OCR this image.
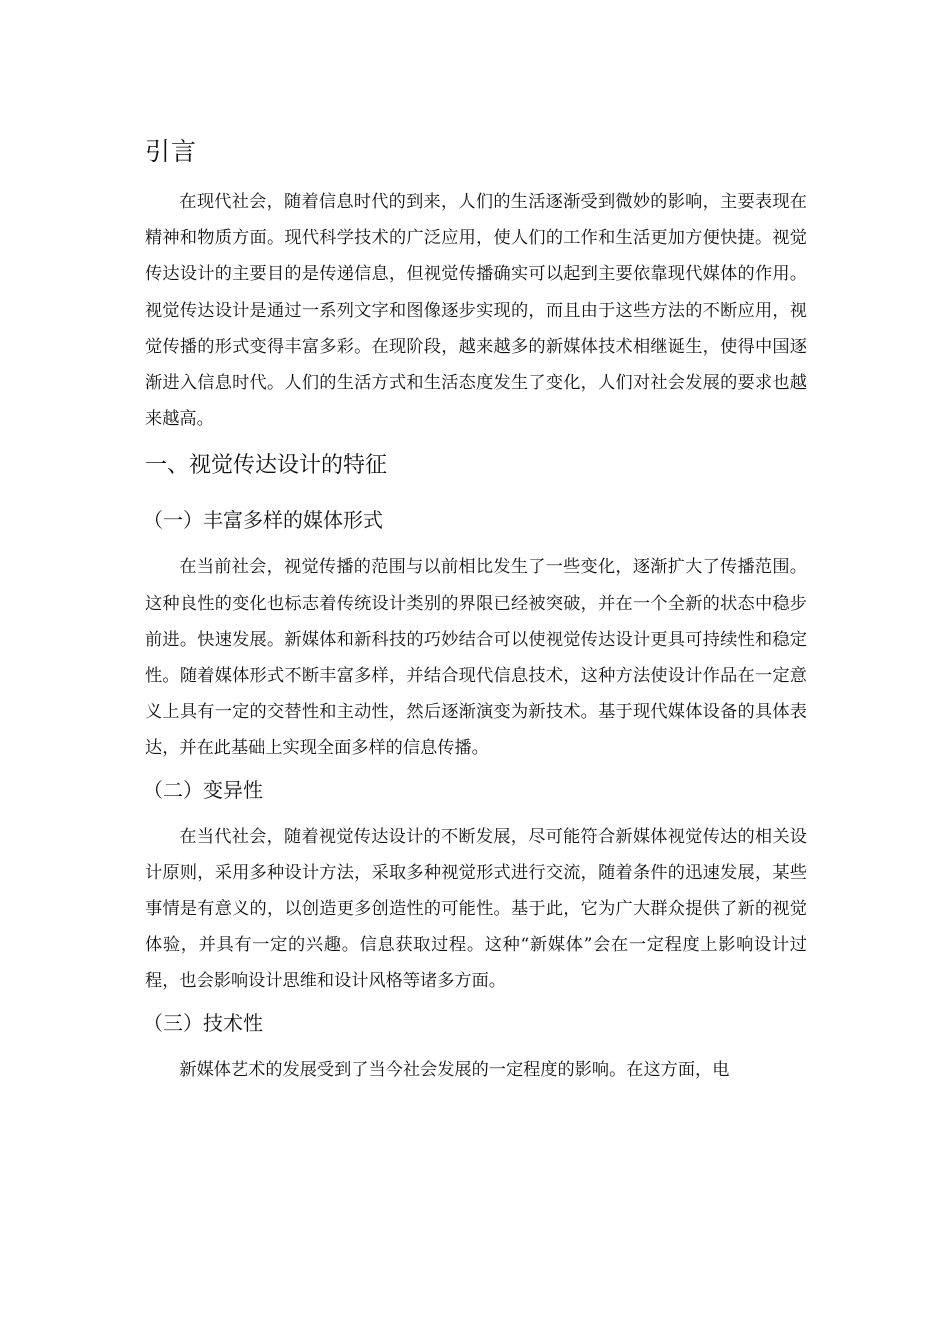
引言

在现代社会，随着信息时代的到来，人们的生活逐渐受到微妙的影响，主要表现在精神和物质方面。现代科学技术的广泛应用，使人们的工作和生活更加方便快捷。视觉传达设计的主要目的是传递信息，但视觉传播确实可以起到主要依靠现代媒体的作用。视觉传达设计是通过一系列文字和图像逐步实现的，而且由于这些方法的不断应用，视觉传播的形式变得丰富多彩。在现阶段，越来越多的新媒体技术相继诞生，使得中国逐渐进入信息时代。人们的生活方式和生活态度发生了变化，人们对社会发展的要求也越来越高。

一、视觉传达设计的特征
（一）丰富多样的媒体形式

在当前社会，视觉传播的范围与以前相比发生了一些变化，逐渐扩大了传播范围。这种良性的变化也标志着传统设计类别的界限已经被突破，并在一个全新的状态中稳步前进。快速发展。新媒体和新科技的巧妙结合可以使视觉传达设计更具可持续性和稳定性。随着媒体形式不断丰富多样，并结合现代信息技术，这种方法使设计作品在一定意义上具有一定的交替性和主动性，然后逐渐演变为新技术。基于现代媒体设备的具体表达，并在此基础上实现全面多样的信息传播。

（二）变异性

在当代社会，随着视觉传达设计的不断发展，尽可能符合新媒体视觉传达的相关设计原则，采用多种设计方法，采取多种视觉形式进行交流，随着条件的迅速发展，某些事情是有意义的，以创造更多创造性的可能性。基于此，它为广大群众提供了新的视觉体验，并具有一定的兴趣。信息获取过程。这种“新媒体”会在一定程度上影响设计过程，也会影响设计思维和设计风格等诸多方面。

（三）技术性

新媒体艺术的发展受到了当今社会发展的一定程度的影响。在这方面，电
